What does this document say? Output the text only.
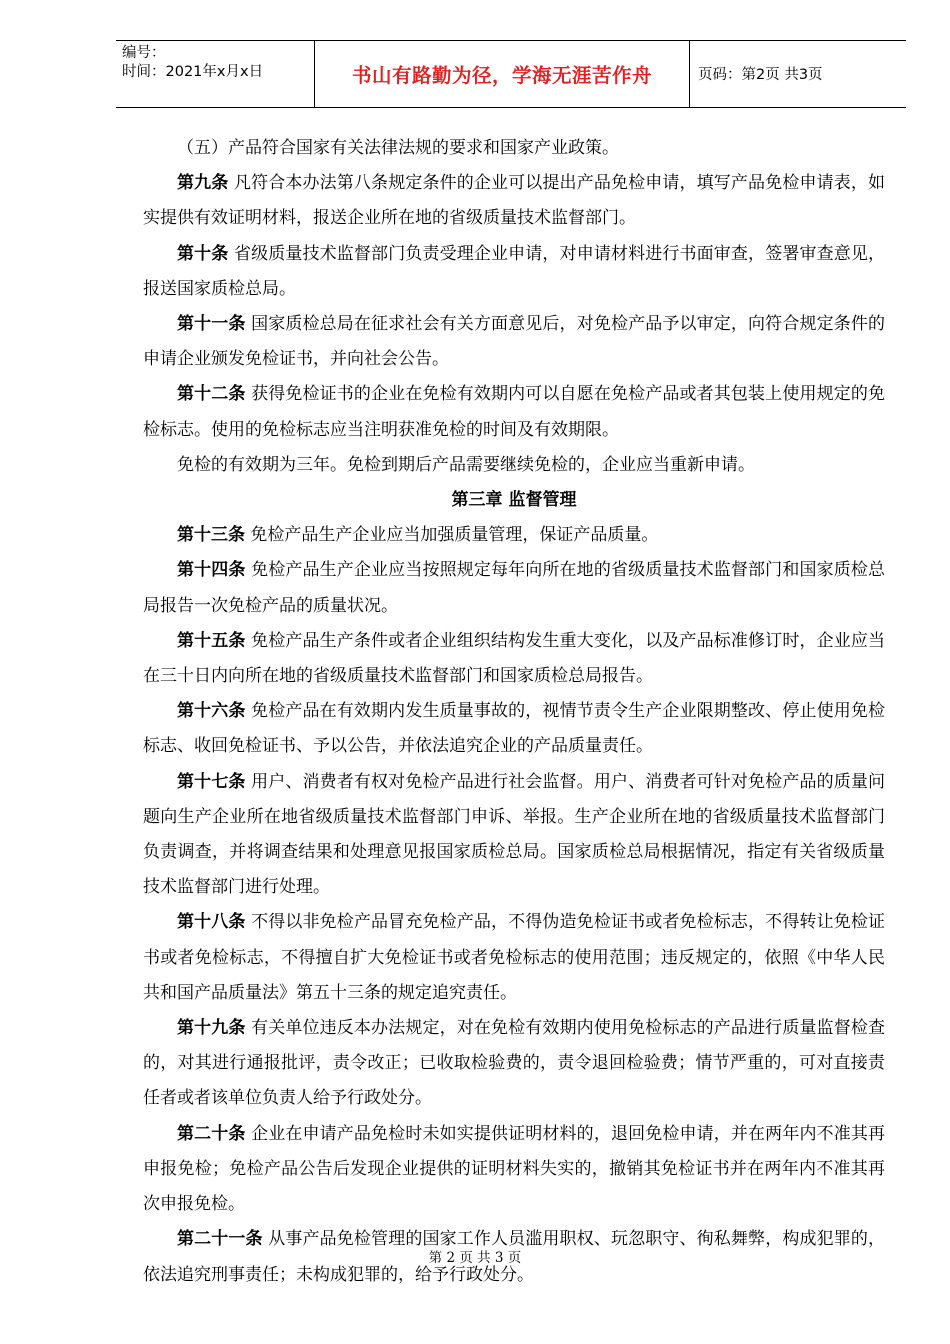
编号：
时间：2021年x月x日	书山有路勤为径，学海无涯苦作舟	页码：第2页 共3页

（五）产品符合国家有关法律法规的要求和国家产业政策。

第九条 凡符合本办法第八条规定条件的企业可以提出产品免检申请，填写产品免检申请表，如实提供有效证明材料，报送企业所在地的省级质量技术监督部门。

第十条 省级质量技术监督部门负责受理企业申请，对申请材料进行书面审查，签署审查意见，报送国家质检总局。

第十一条 国家质检总局在征求社会有关方面意见后，对免检产品予以审定，向符合规定条件的申请企业颁发免检证书，并向社会公告。

第十二条 获得免检证书的企业在免检有效期内可以自愿在免检产品或者其包装上使用规定的免检标志。使用的免检标志应当注明获准免检的时间及有效期限。

免检的有效期为三年。免检到期后产品需要继续免检的，企业应当重新申请。

第三章 监督管理

第十三条 免检产品生产企业应当加强质量管理，保证产品质量。

第十四条 免检产品生产企业应当按照规定每年向所在地的省级质量技术监督部门和国家质检总局报告一次免检产品的质量状况。

第十五条 免检产品生产条件或者企业组织结构发生重大变化，以及产品标准修订时，企业应当在三十日内向所在地的省级质量技术监督部门和国家质检总局报告。

第十六条 免检产品在有效期内发生质量事故的，视情节责令生产企业限期整改、停止使用免检标志、收回免检证书、予以公告，并依法追究企业的产品质量责任。

第十七条 用户、消费者有权对免检产品进行社会监督。用户、消费者可针对免检产品的质量问题向生产企业所在地省级质量技术监督部门申诉、举报。生产企业所在地的省级质量技术监督部门负责调查，并将调查结果和处理意见报国家质检总局。国家质检总局根据情况，指定有关省级质量技术监督部门进行处理。

第十八条 不得以非免检产品冒充免检产品，不得伪造免检证书或者免检标志，不得转让免检证书或者免检标志，不得擅自扩大免检证书或者免检标志的使用范围；违反规定的，依照《中华人民共和国产品质量法》第五十三条的规定追究责任。

第十九条 有关单位违反本办法规定，对在免检有效期内使用免检标志的产品进行质量监督检查的，对其进行通报批评，责令改正；已收取检验费的，责令退回检验费；情节严重的，可对直接责任者或者该单位负责人给予行政处分。

第二十条 企业在申请产品免检时未如实提供证明材料的，退回免检申请，并在两年内不准其再申报免检；免检产品公告后发现企业提供的证明材料失实的，撤销其免检证书并在两年内不准其再次申报免检。

第二十一条 从事产品免检管理的国家工作人员滥用职权、玩忽职守、徇私舞弊，构成犯罪的，依法追究刑事责任；未构成犯罪的，给予行政处分。

第 2 页 共 3 页
